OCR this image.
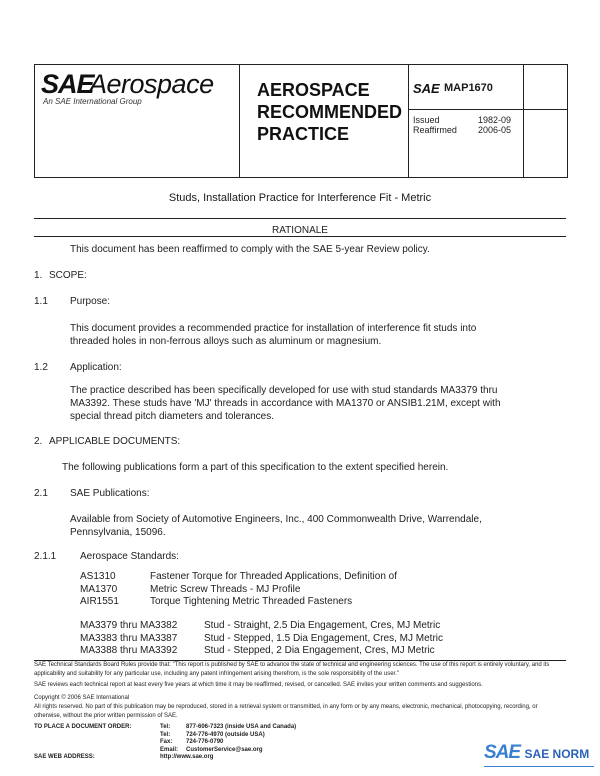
SAE
Aerospace
An SAE International Group
AEROSPACE
RECOMMENDED
PRACTICE
SAE MAP1670
Issued	1982-09
Reaffirmed 2006-05
Studs, Installation Practice for Interference Fit - Metric
RATIONALE
This document has been reaffirmed to comply with the SAE 5-year Review policy.
1. SCOPE:
1.1 Purpose:
This document provides a recommended practice for installation of interference fit studs into
threaded holes in non-ferrous alloys such as aluminum or magnesium.
1.2 Application:
The practice described has been specifically developed for use with stud standards MA3379 thru
MA3392. These studs have 'MJ' threads in accordance with MA1370 or ANSIB1.21M, except with
special thread pitch diameters and tolerances.
2. APPLICABLE DOCUMENTS:
The following publications form a part of this specification to the extent specified herein.
2.1 SAE Publications:
Available from Society of Automotive Engineers, Inc., 400 Commonwealth Drive, Warrendale,
Pennsylvania, 15096.
2.1.1 Aerospace Standards:
AS1310	Fastener Torque for Threaded Applications, Definition of
MA1370	Metric Screw Threads - MJ Profile
AIR1551	Torque Tightening Metric Threaded Fasteners
MA3379 thru MA3382	Stud - Straight, 2.5 Dia Engagement, Cres, MJ Metric
MA3383 thru MA3387	Stud - Stepped, 1.5 Dia Engagement, Cres, MJ Metric
MA3388 thru MA3392	Stud - Stepped, 2 Dia Engagement, Cres, MJ Metric
SAE Technical Standards Board Rules provide that: "This report is published by SAE to advance the state of technical and engineering sciences. The use of this report is entirely voluntary, and its applicability and suitability for any particular use, including any patent infringement arising therefrom, is the sole responsibility of the user."
SAE reviews each technical report at least every five years at which time it may be reaffirmed, revised, or cancelled. SAE invites your written comments and suggestions.
Copyright © 2006 SAE International
All rights reserved. No part of this publication may be reproduced, stored in a retrieval system or transmitted, in any form or by any means, electronic, mechanical, photocopying, recording, or otherwise, without the prior written permission of SAE.
TO PLACE A DOCUMENT ORDER:	Tel:	877-606-7323 (inside USA and Canada)
	Tel:	724-776-4970 (outside USA)
	Fax:	724-776-0790
	Email:	CustomerService@sae.org
SAE WEB ADDRESS:	http://www.sae.org		SAE SAE NORM
